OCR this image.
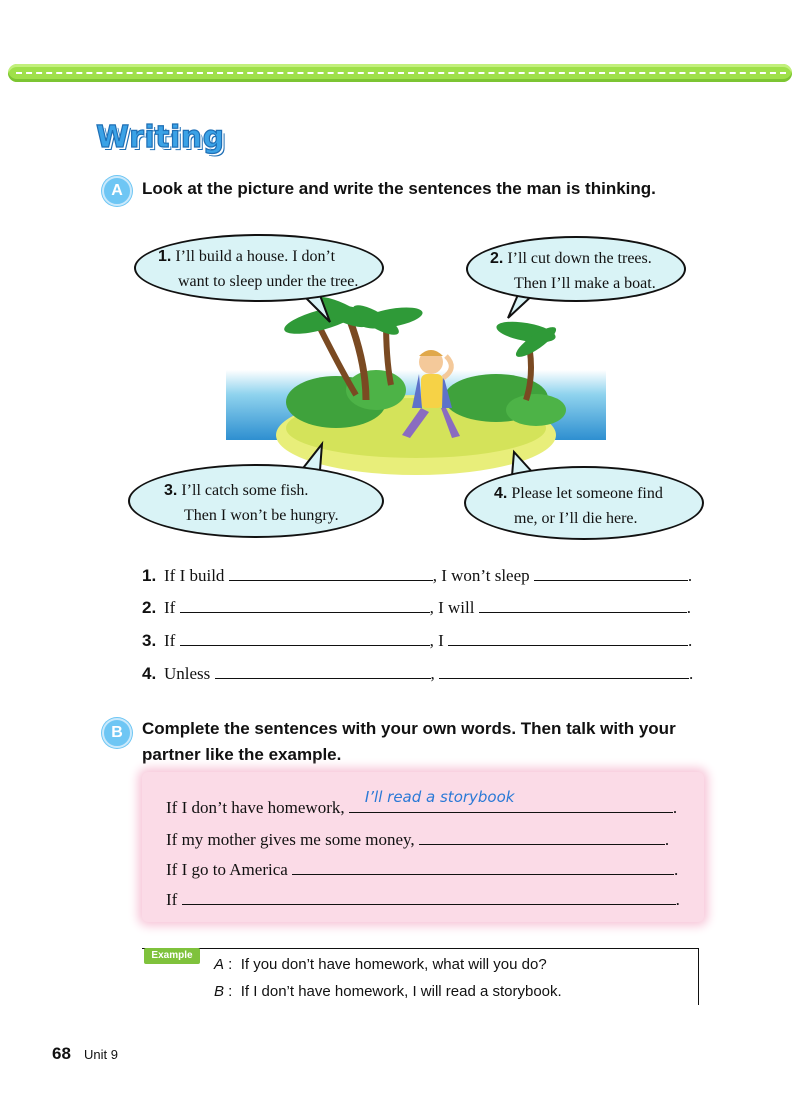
Writing
A	Look at the picture and write the sentences the man is thinking.
1. I’ll build a house. I don’t
want to sleep under the tree.
2. I’ll cut down the trees.
Then I’ll make a boat.
3. I’ll catch some fish.
Then I won’t be hungry.
4. Please let someone find
me, or I’ll die here.
1. If I build	, I won’t sleep	.
2. If	, I will	.
3. If	, I	.
4. Unless	,	.
B	Complete the sentences with your own words. Then talk with your
partner like the example.
If I don’t have homework,
I’ll read a storybook
.
If my mother gives me some money,	.
If I go to America	.
If	.
Example
A :  If you don’t have homework, what will you do?
B :  If I don’t have homework, I will read a storybook.
68 Unit 9
